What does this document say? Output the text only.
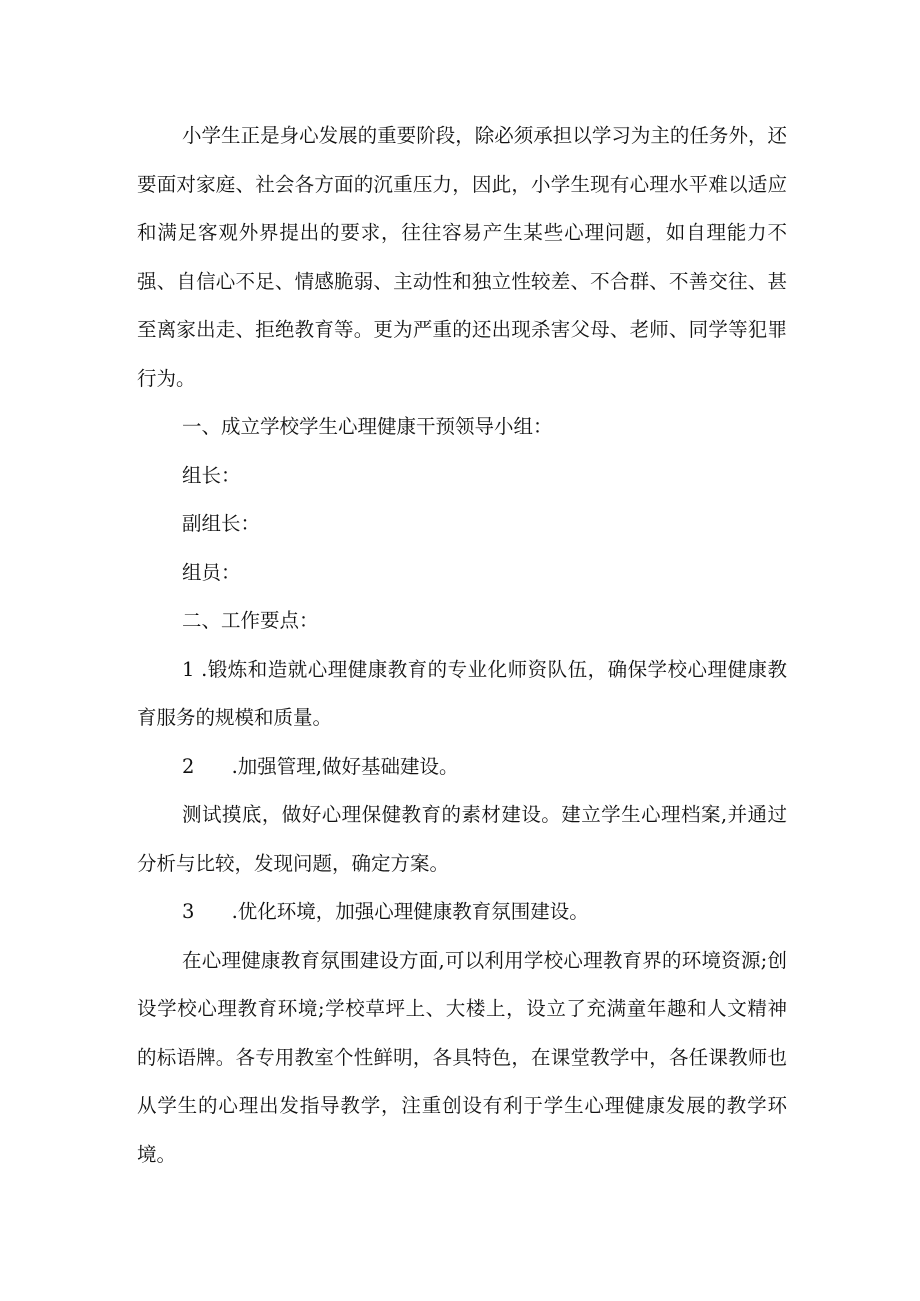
小学生正是身心发展的重要阶段，除必须承担以学习为主的任务外，还要面对家庭、社会各方面的沉重压力，因此，小学生现有心理水平难以适应和满足客观外界提出的要求，往往容易产生某些心理问题，如自理能力不强、自信心不足、情感脆弱、主动性和独立性较差、不合群、不善交往、甚至离家出走、拒绝教育等。更为严重的还出现杀害父母、老师、同学等犯罪行为。

一、成立学校学生心理健康干预领导小组：

组长：

副组长：

组员：

二、工作要点：

1 .锻炼和造就心理健康教育的专业化师资队伍，确保学校心理健康教育服务的规模和质量。

2      .加强管理,做好基础建设。

测试摸底，做好心理保健教育的素材建设。建立学生心理档案,并通过分析与比较，发现问题，确定方案。

3      .优化环境，加强心理健康教育氛围建设。

在心理健康教育氛围建设方面,可以利用学校心理教育界的环境资源;创设学校心理教育环境;学校草坪上、大楼上，设立了充满童年趣和人文精神的标语牌。各专用教室个性鲜明，各具特色，在课堂教学中，各任课教师也从学生的心理出发指导教学，注重创设有利于学生心理健康发展的教学环境。
